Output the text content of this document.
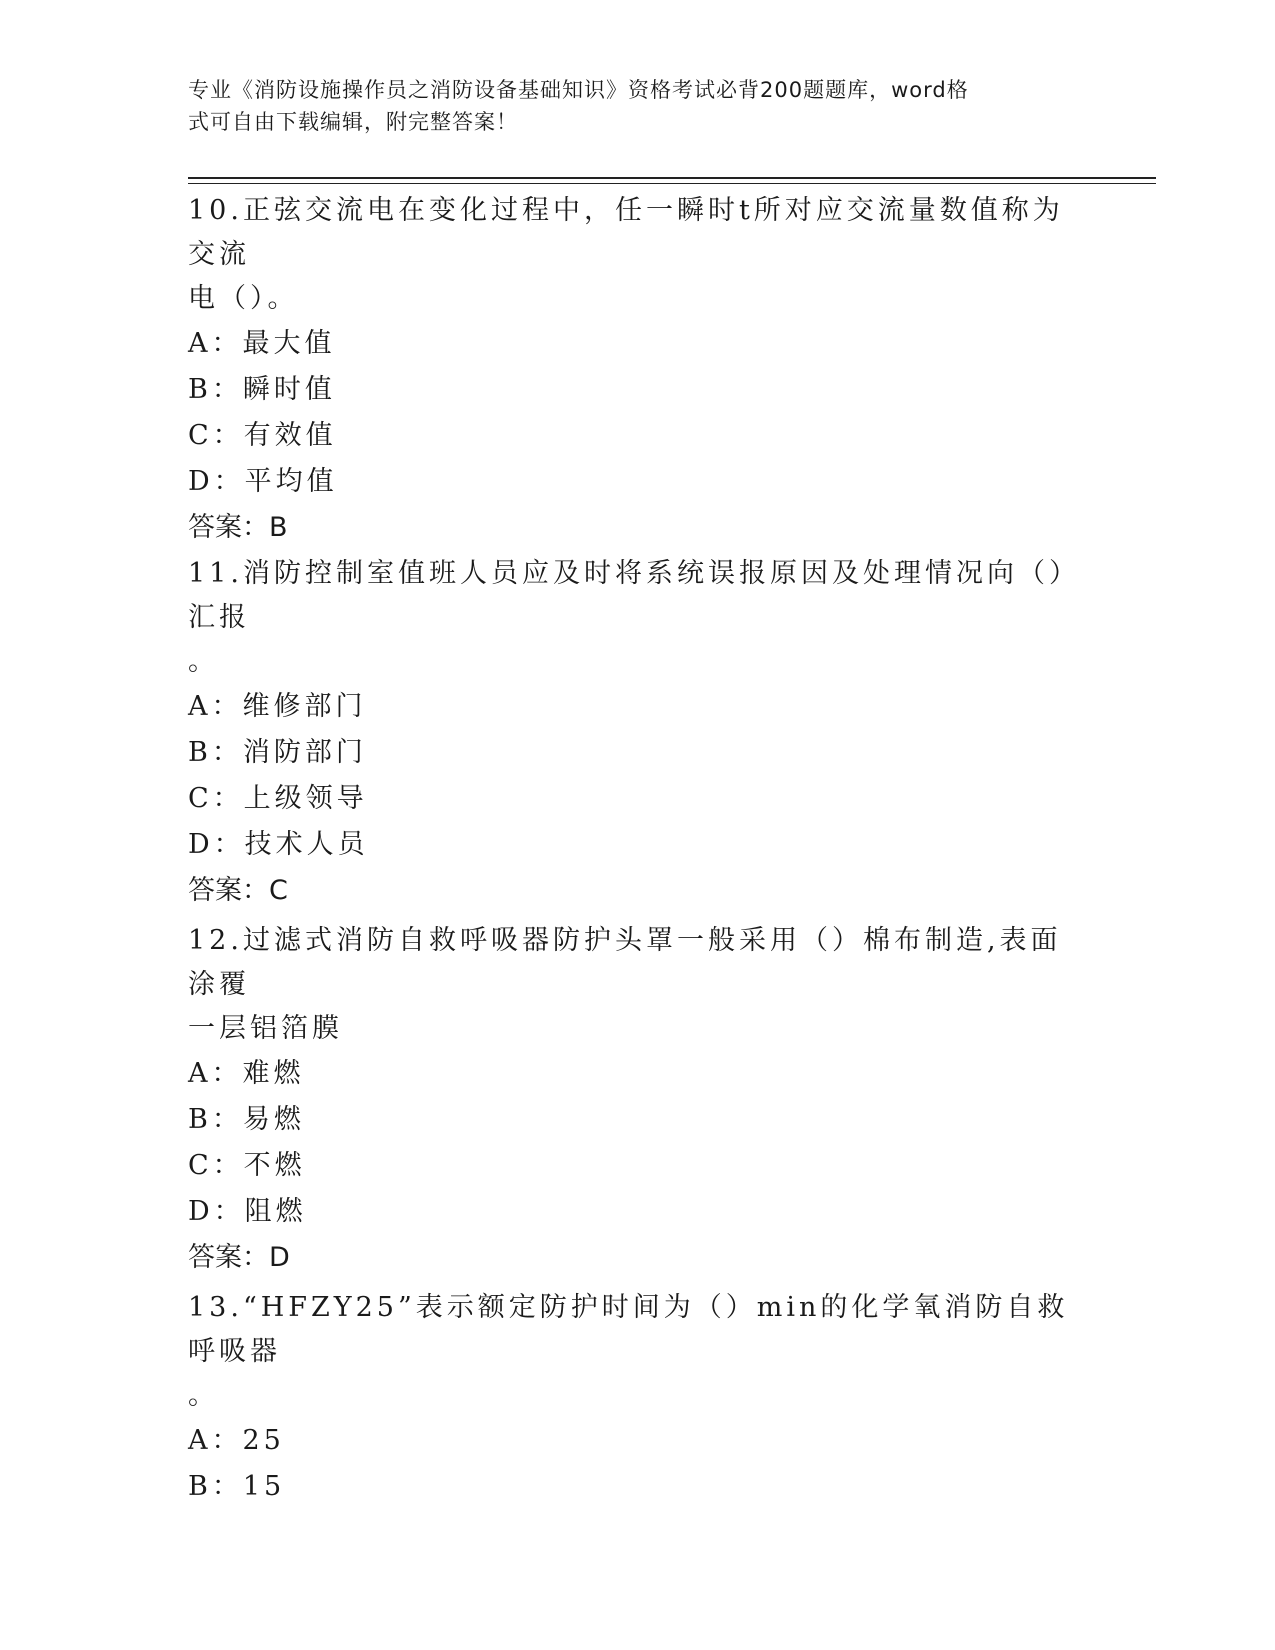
专业《消防设施操作员之消防设备基础知识》资格考试必背200题题库，word格
式可自由下载编辑，附完整答案！

10.正弦交流电在变化过程中，任一瞬时t所对应交流量数值称为交流

电（）。

A：最大值

B：瞬时值

C：有效值

D：平均值

答案：B

11.消防控制室值班人员应及时将系统误报原因及处理情况向（）汇报

。

A：维修部门

B：消防部门

C：上级领导

D：技术人员

答案：C

12.过滤式消防自救呼吸器防护头罩一般采用（）棉布制造,表面涂覆

一层铝箔膜

A：难燃

B：易燃

C：不燃

D：阻燃

答案：D

13.“HFZY25”表示额定防护时间为（）min的化学氧消防自救呼吸器

。

A：25

B：15
